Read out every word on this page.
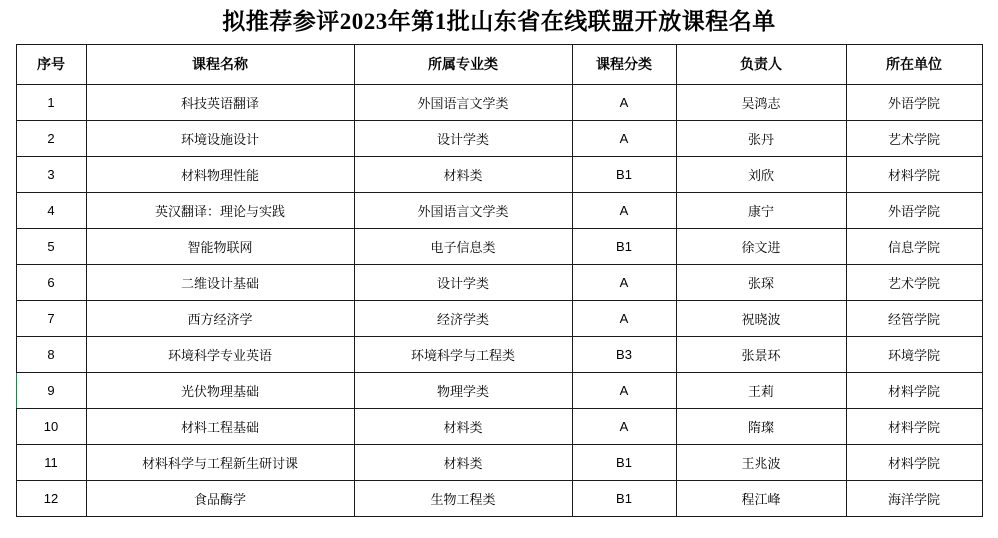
拟推荐参评2023年第1批山东省在线联盟开放课程名单
序号	课程名称	所属专业类	课程分类	负责人	所在单位
1	科技英语翻译	外国语言文学类	A	吴鸿志	外语学院
2	环境设施设计	设计学类	A	张丹	艺术学院
3	材料物理性能	材料类	B1	刘欣	材料学院
4	英汉翻译：理论与实践	外国语言文学类	A	康宁	外语学院
5	智能物联网	电子信息类	B1	徐文进	信息学院
6	二维设计基础	设计学类	A	张琛	艺术学院
7	西方经济学	经济学类	A	祝晓波	经管学院
8	环境科学专业英语	环境科学与工程类	B3	张景环	环境学院
9	光伏物理基础	物理学类	A	王莉	材料学院
10	材料工程基础	材料类	A	隋璨	材料学院
11	材料科学与工程新生研讨课	材料类	B1	王兆波	材料学院
12	食品酶学	生物工程类	B1	程江峰	海洋学院
